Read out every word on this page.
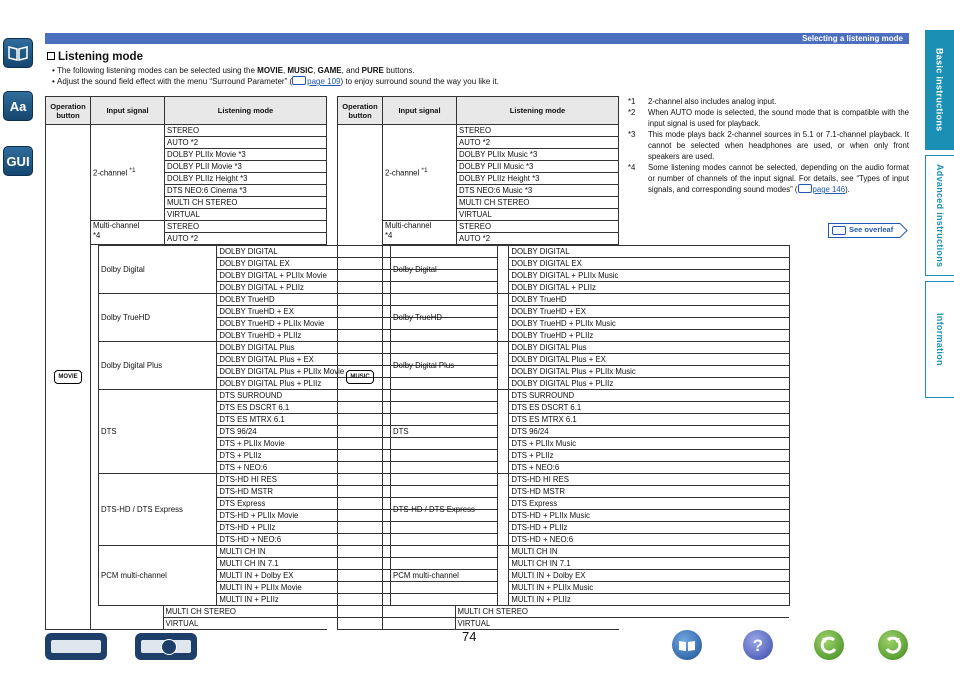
Aa
GUI
Selecting a listening mode
Listening mode
• The following listening modes can be selected using the MOVIE, MUSIC, GAME, and PURE buttons.
• Adjust the sound field effect with the menu “Surround Parameter” ( page 109) to enjoy surround sound the way you like it.
Operation button	Input signal	Listening mode
MOVIE	2-channel $^{*1}$	STEREO
AUTO *2
DOLBY PLIIx Movie *3
DOLBY PLII Movie *3
DOLBY PLIIz Height *3
DTS NEO:6 Cinema *3
MULTI CH STEREO
VIRTUAL
Multi-channel
*4	STEREO
AUTO *2

Dolby Digital	
DOLBY DIGITAL
DOLBY DIGITAL EX
DOLBY DIGITAL + PLIIx Movie
DOLBY DIGITAL + PLIIz

Dolby TrueHD	
DOLBY TrueHD
DOLBY TrueHD + EX
DOLBY TrueHD + PLIIx Movie
DOLBY TrueHD + PLIIz

Dolby Digital Plus	
DOLBY DIGITAL Plus
DOLBY DIGITAL Plus + EX
DOLBY DIGITAL Plus + PLIIx Movie
DOLBY DIGITAL Plus + PLIIz

DTS	
DTS SURROUND
DTS ES DSCRT 6.1
DTS ES MTRX 6.1
DTS 96/24
DTS + PLIIx Movie
DTS + PLIIz
DTS + NEO:6

DTS-HD / DTS Express	
DTS-HD HI RES
DTS-HD MSTR
DTS Express
DTS-HD + PLIIx Movie
DTS-HD + PLIIz
DTS-HD + NEO:6

PCM multi-channel	
MULTI CH IN
MULTI CH IN 7.1
MULTI IN + Dolby EX
MULTI IN + PLIIx Movie
MULTI IN + PLIIz

MULTI CH STEREO
VIRTUAL
Operation button	Input signal	Listening mode
MUSIC	2-channel $^{*1}$	STEREO
AUTO *2
DOLBY PLIIx Music *3
DOLBY PLII Music *3
DOLBY PLIIz Height *3
DTS NEO:6 Music *3
MULTI CH STEREO
VIRTUAL
Multi-channel
*4	STEREO
AUTO *2

Dolby Digital	
DOLBY DIGITAL
DOLBY DIGITAL EX
DOLBY DIGITAL + PLIIx Music
DOLBY DIGITAL + PLIIz

Dolby TrueHD	
DOLBY TrueHD
DOLBY TrueHD + EX
DOLBY TrueHD + PLIIx Music
DOLBY TrueHD + PLIIz

Dolby Digital Plus	
DOLBY DIGITAL Plus
DOLBY DIGITAL Plus + EX
DOLBY DIGITAL Plus + PLIIx Music
DOLBY DIGITAL Plus + PLIIz

DTS	
DTS SURROUND
DTS ES DSCRT 6.1
DTS ES MTRX 6.1
DTS 96/24
DTS + PLIIx Music
DTS + PLIIz
DTS + NEO:6

DTS-HD / DTS Express	
DTS-HD HI RES
DTS-HD MSTR
DTS Express
DTS-HD + PLIIx Music
DTS-HD + PLIIz
DTS-HD + NEO:6

PCM multi-channel	
MULTI CH IN
MULTI CH IN 7.1
MULTI IN + Dolby EX
MULTI IN + PLIIx Music
MULTI IN + PLIIz

MULTI CH STEREO
VIRTUAL
*1	2-channel also includes analog input.
*2	When AUTO mode is selected, the sound mode that is compatible with the input signal is used for playback.
*3	This mode plays back 2-channel sources in 5.1 or 7.1-channel playback. It cannot be selected when headphones are used, or when only front speakers are used.
*4	Some listening modes cannot be selected, depending on the audio format or number of channels of the input signal. For details, see “Types of input signals, and corresponding sound modes” ( page 146).
See overleaf
Basic instructions
Advanced instructions
Information
74	?
